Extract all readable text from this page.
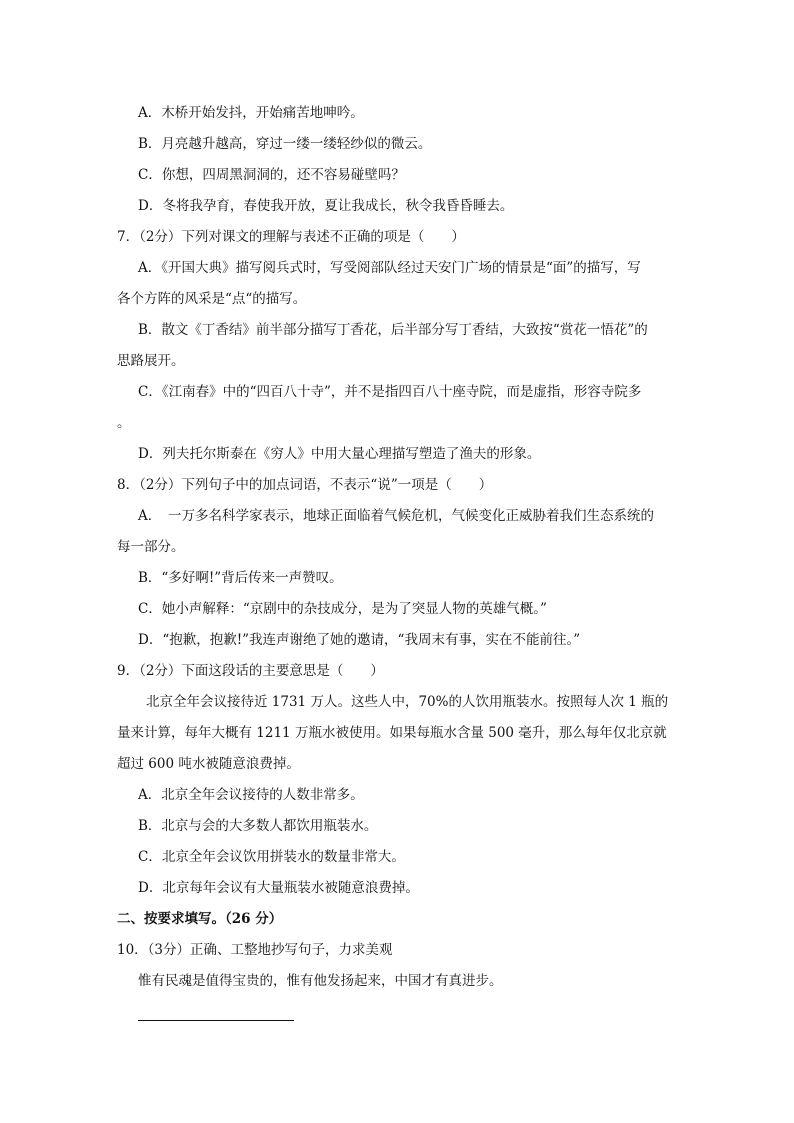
A．木桥开始发抖，开始痛苦地呻吟。
B．月亮越升越高，穿过一缕一缕轻纱似的微云。
C．你想，四周黑洞洞的，还不容易碰壁吗？
D．冬将我孕育，春使我开放，夏让我成长，秋令我昏昏睡去。
7．（2分）下列对课文的理解与表述不正确的项是（　　）
A．《开国大典》描写阅兵式时，写受阅部队经过天安门广场的情景是“面”的描写，写
各个方阵的风采是“点“的描写。
B．散文《丁香结》前半部分描写丁香花，后半部分写丁香结，大致按“赏花一悟花”的
思路展开。
C．《江南春》中的“四百八十寺”，并不是指四百八十座寺院，而是虚指，形容寺院多
。
D．列夫托尔斯泰在《穷人》中用大量心理描写塑造了渔夫的形象。
8．（2分）下列句子中的加点词语，不表示“说”一项是（　　）
A．　一万多名科学家表示，地球正面临着气候危机，气候变化正威胁着我们生态系统的
每一部分。
B．“多好啊!”背后传来一声赞叹。
C．她小声解释：“京剧中的杂技成分，是为了突显人物的英雄气概。”
D．“抱歉，抱歉!”我连声谢绝了她的邀请，“我周末有事，实在不能前往。”
9．（2分）下面这段话的主要意思是（　　）
北京全年会议接待近 1731 万人。这些人中，70%的人饮用瓶装水。按照每人次 1 瓶的
量来计算，每年大概有 1211 万瓶水被使用。如果每瓶水含量 500 毫升，那么每年仅北京就
超过 600 吨水被随意浪费掉。
A．北京全年会议接待的人数非常多。
B．北京与会的大多数人都饮用瓶装水。
C．北京全年会议饮用拼装水的数量非常大。
D．北京每年会议有大量瓶装水被随意浪费掉。
二、按要求填写。（26 分）
10．（3分）正确、工整地抄写句子，力求美观
惟有民魂是值得宝贵的，惟有他发扬起来，中国才有真进步。
